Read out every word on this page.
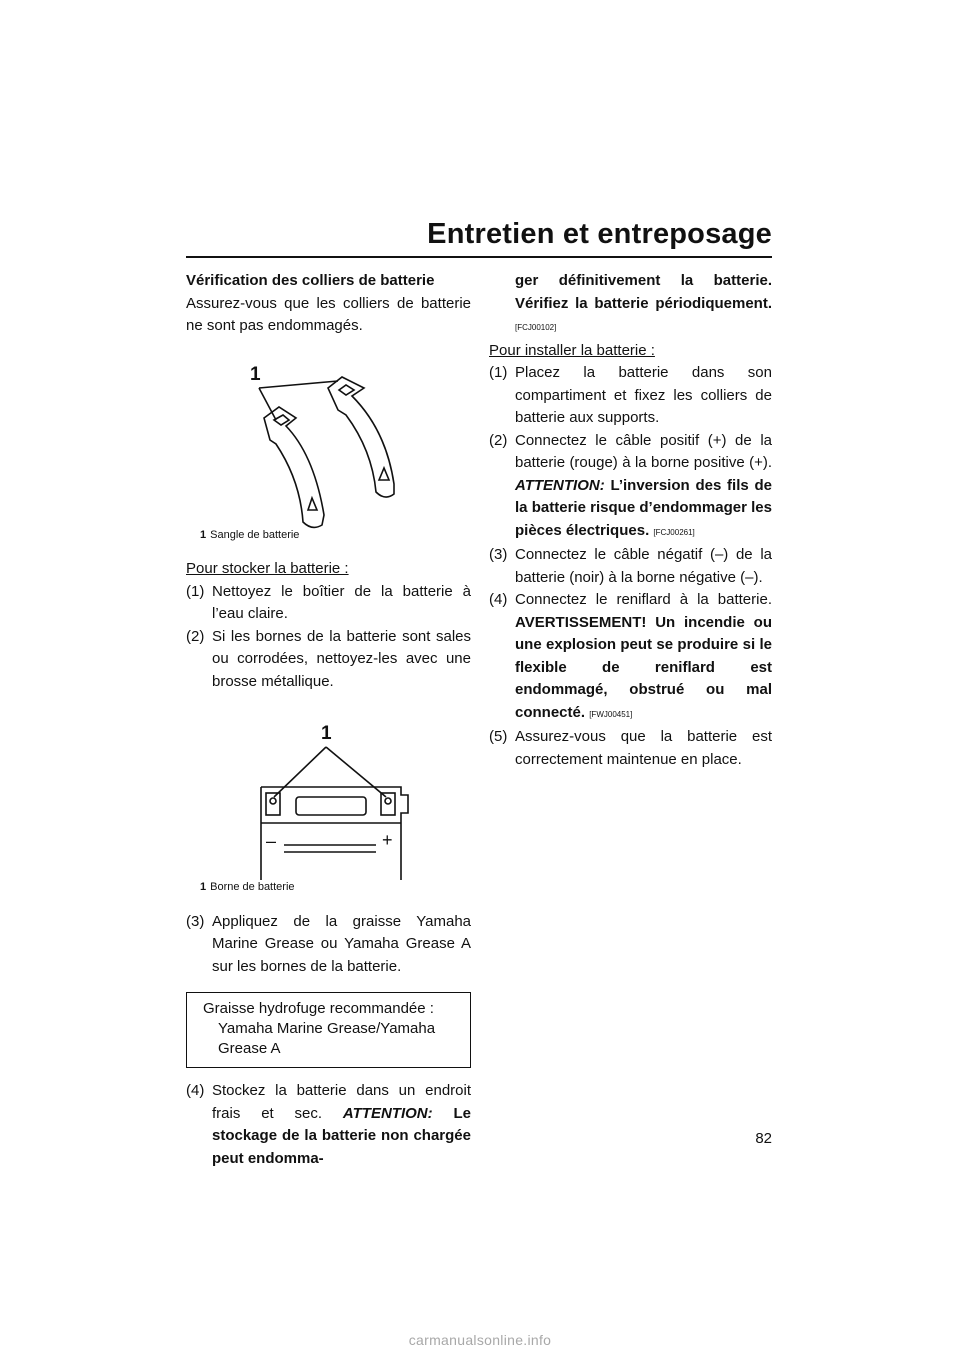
Entretien et entreposage
Vérification des colliers de batterie
Assurez-vous que les colliers de batterie ne sont pas endommagés.
1
1 Sangle de batterie
Pour stocker la batterie :
(1) Nettoyez le boîtier de la batterie à l’eau claire.
(2) Si les bornes de la batterie sont sales ou corrodées, nettoyez-les avec une brosse métallique.
1
–	+
1 Borne de batterie
(3) Appliquez de la graisse Yamaha Marine Grease ou Yamaha Grease A sur les bornes de la batterie.
Graisse hydrofuge recommandée :
Yamaha Marine Grease/Yamaha Grease A
(4) Stockez la batterie dans un endroit frais et sec. ATTENTION: Le stockage de la batterie non chargée peut endomma-
ger définitivement la batterie. Vérifiez la batterie périodiquement. [FCJ00102]
Pour installer la batterie :
(1) Placez la batterie dans son compartiment et fixez les colliers de batterie aux supports.
(2) Connectez le câble positif (+) de la batterie (rouge) à la borne positive (+). ATTENTION: L’inversion des fils de la batterie risque d’endommager les pièces électriques. [FCJ00261]
(3) Connectez le câble négatif (–) de la batterie (noir) à la borne négative (–).
(4) Connectez le reniflard à la batterie. AVERTISSEMENT! Un incendie ou une explosion peut se produire si le flexible de reniflard est endommagé, obstrué ou mal connecté. [FWJ00451]
(5) Assurez-vous que la batterie est correctement maintenue en place.
82
carmanualsonline.info
